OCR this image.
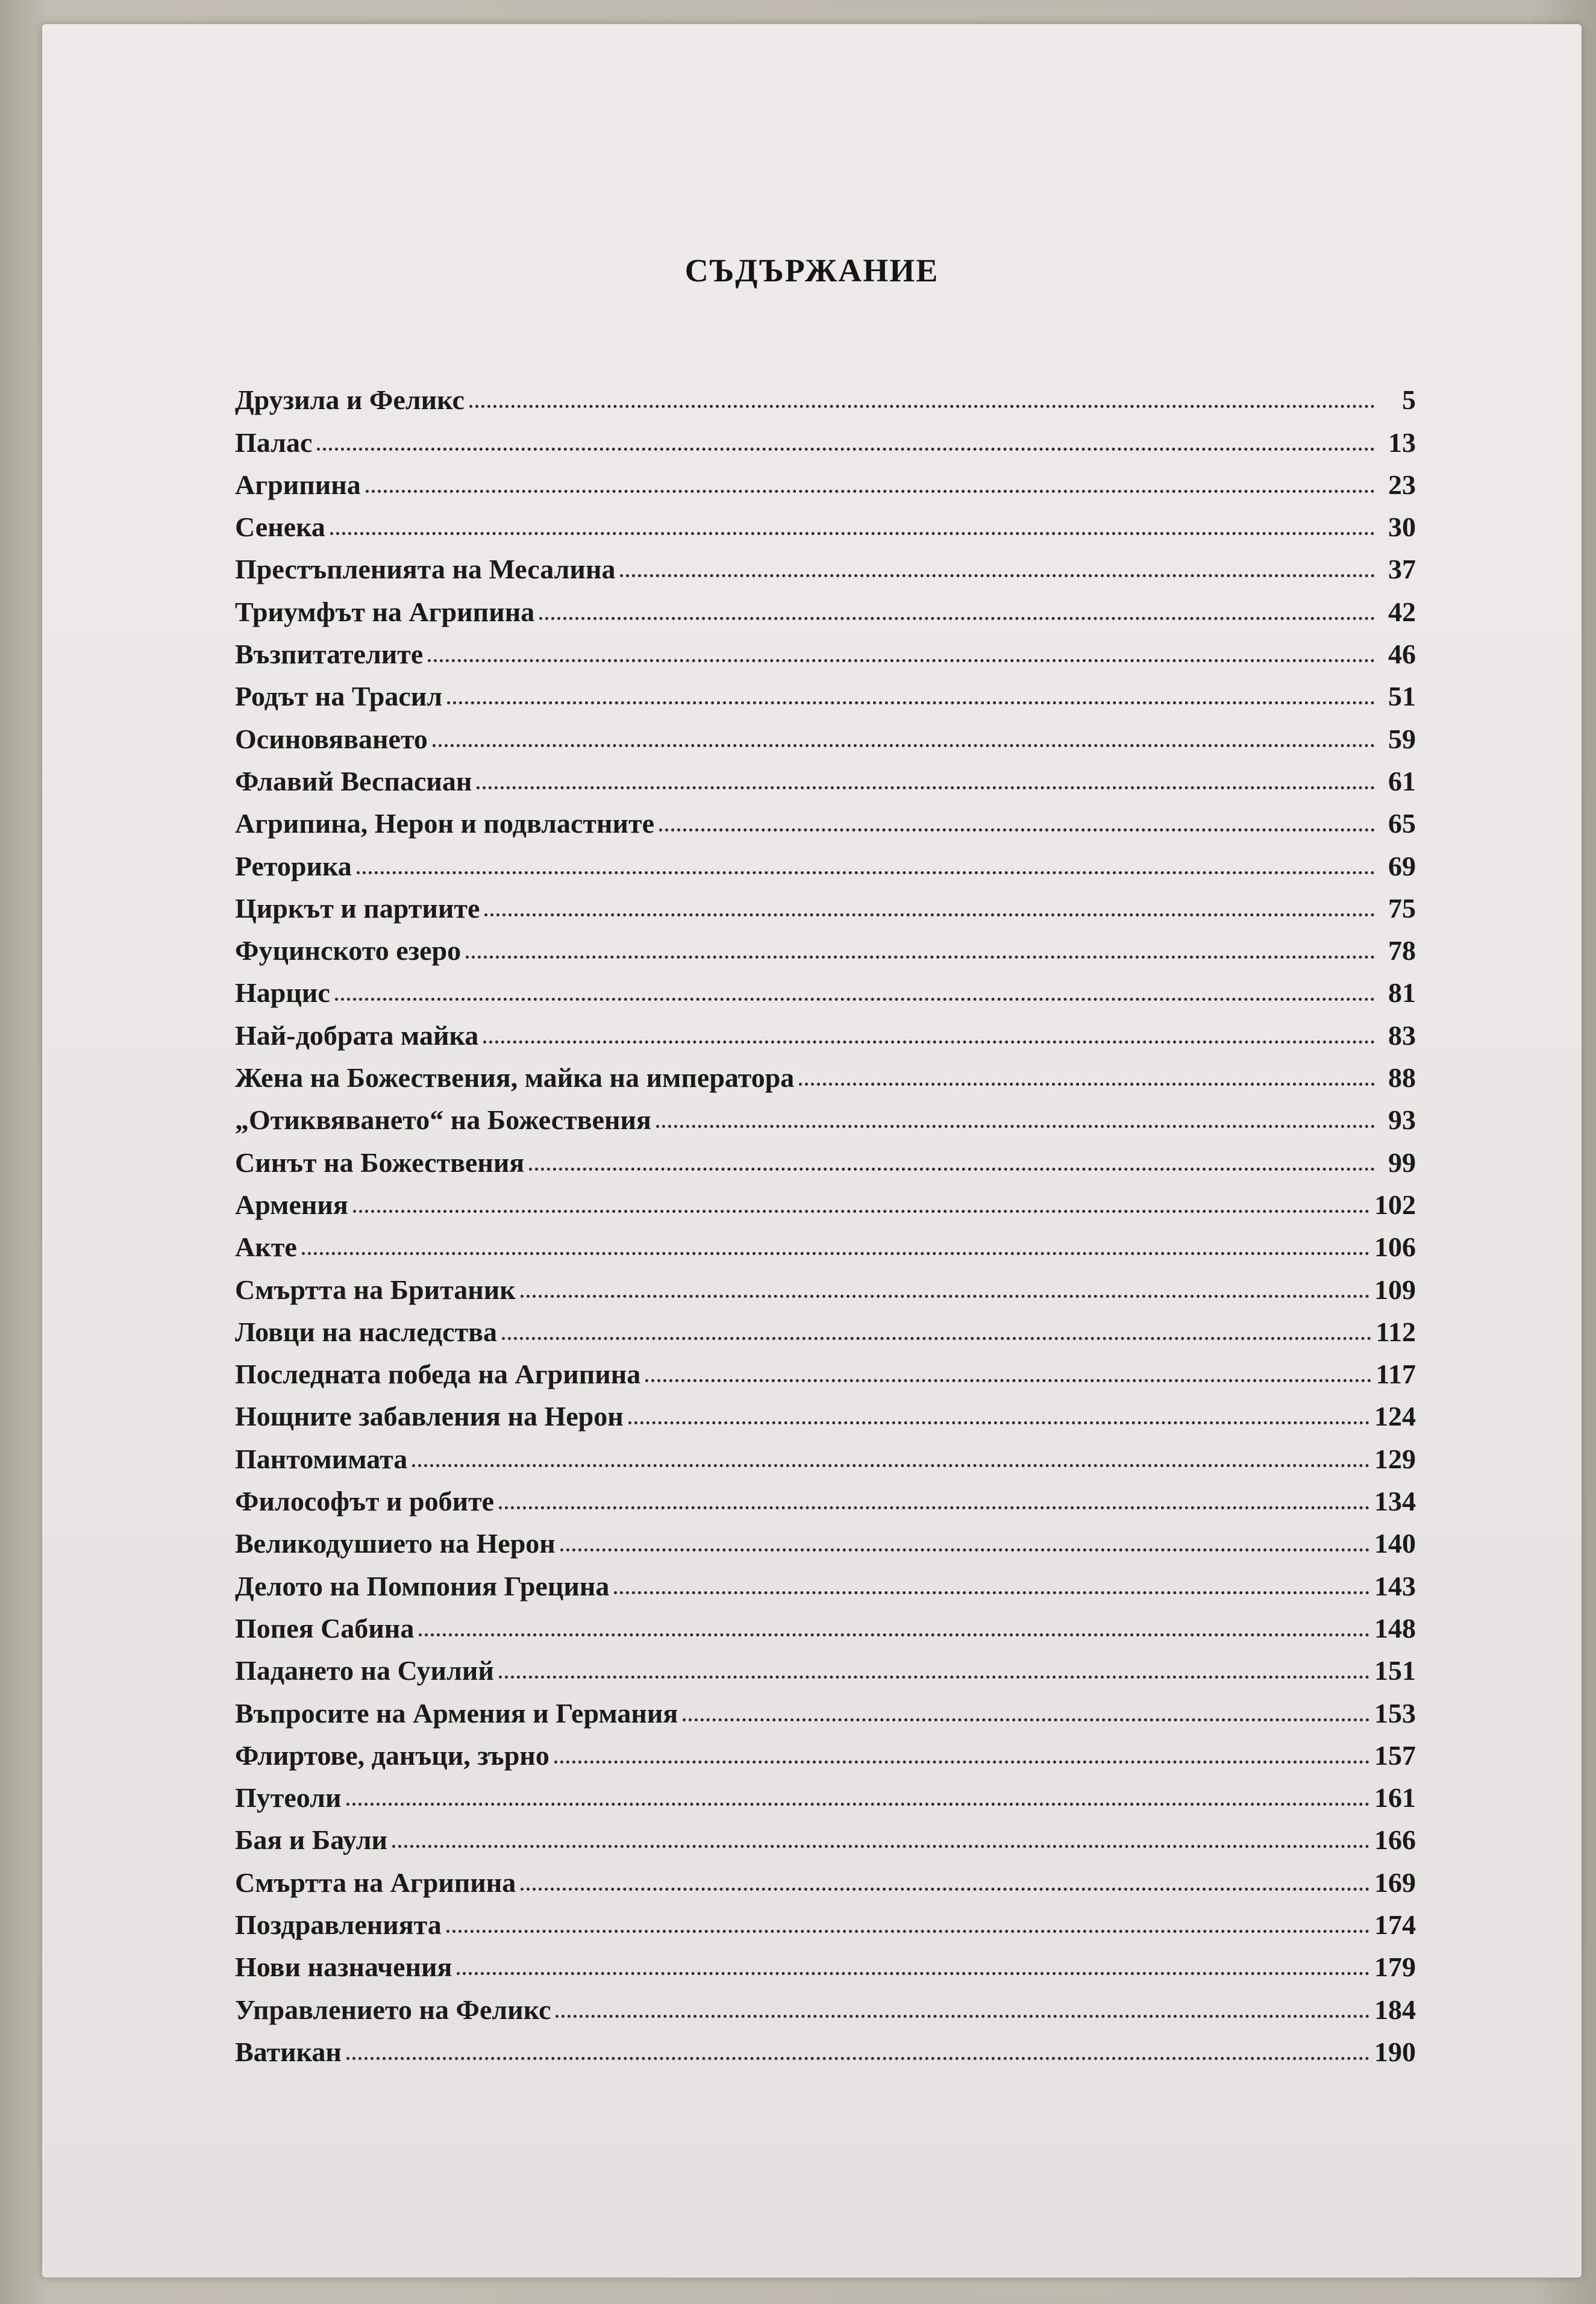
СЪДЪРЖАНИЕ
Друзила и Феликс	5
Палас	13
Агрипина	23
Сенека	30
Престъпленията на Месалина	37
Триумфът на Агрипина	42
Възпитателите	46
Родът на Трасил	51
Осиновяването	59
Флавий Веспасиан	61
Агрипина, Нерон и подвластните	65
Реторика	69
Циркът и партиите	75
Фуцинското езеро	78
Нарцис	81
Най-добрата майка	83
Жена на Божествения, майка на императора	88
„Отиквяването“ на Божествения	93
Синът на Божествения	99
Армения	102
Акте	106
Смъртта на Британик	109
Ловци на наследства	112
Последната победа на Агрипина	117
Нощните забавления на Нерон	124
Пантомимата	129
Философът и робите	134
Великодушието на Нерон	140
Делото на Помпония Грецина	143
Попея Сабина	148
Падането на Суилий	151
Въпросите на Армения и Германия	153
Флиртове, данъци, зърно	157
Путеоли	161
Бая и Баули	166
Смъртта на Агрипина	169
Поздравленията	174
Нови назначения	179
Управлението на Феликс	184
Ватикан	190
